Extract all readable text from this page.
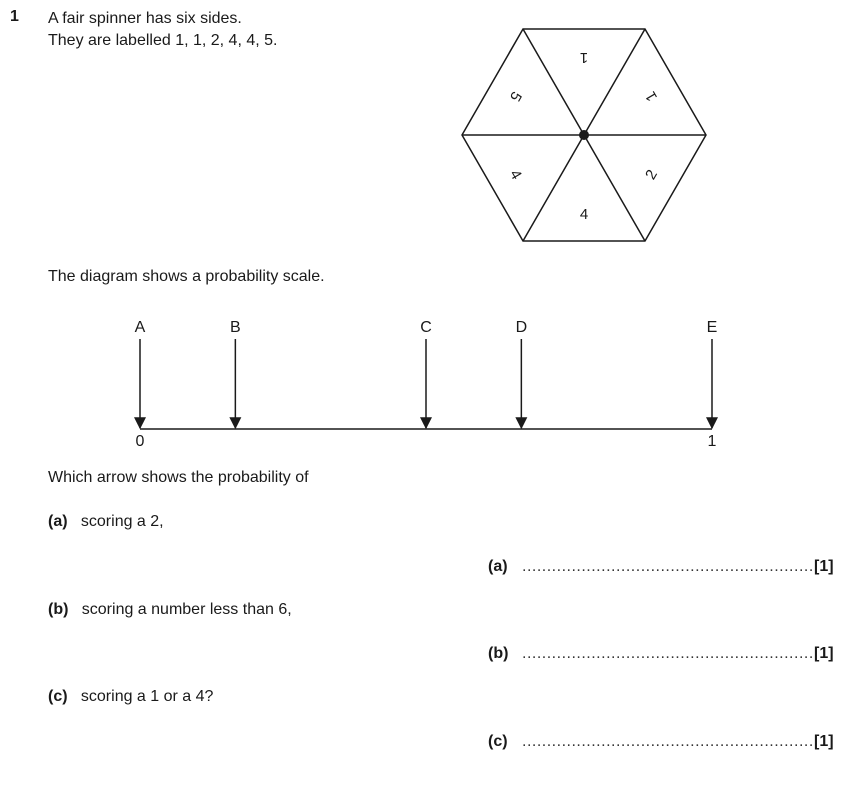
1 A fair spinner has six sides.
They are labelled 1, 1, 2, 4, 4, 5.
1
1
2
4
4
5
The diagram shows a probability scale.
A	B	C	D	E
0	1
Which arrow shows the probability of
(a) scoring a 2,
(a) ........................................................... [1]
(b) scoring a number less than 6,
(b) ........................................................... [1]
(c) scoring a 1 or a 4?
(c) ........................................................... [1]
